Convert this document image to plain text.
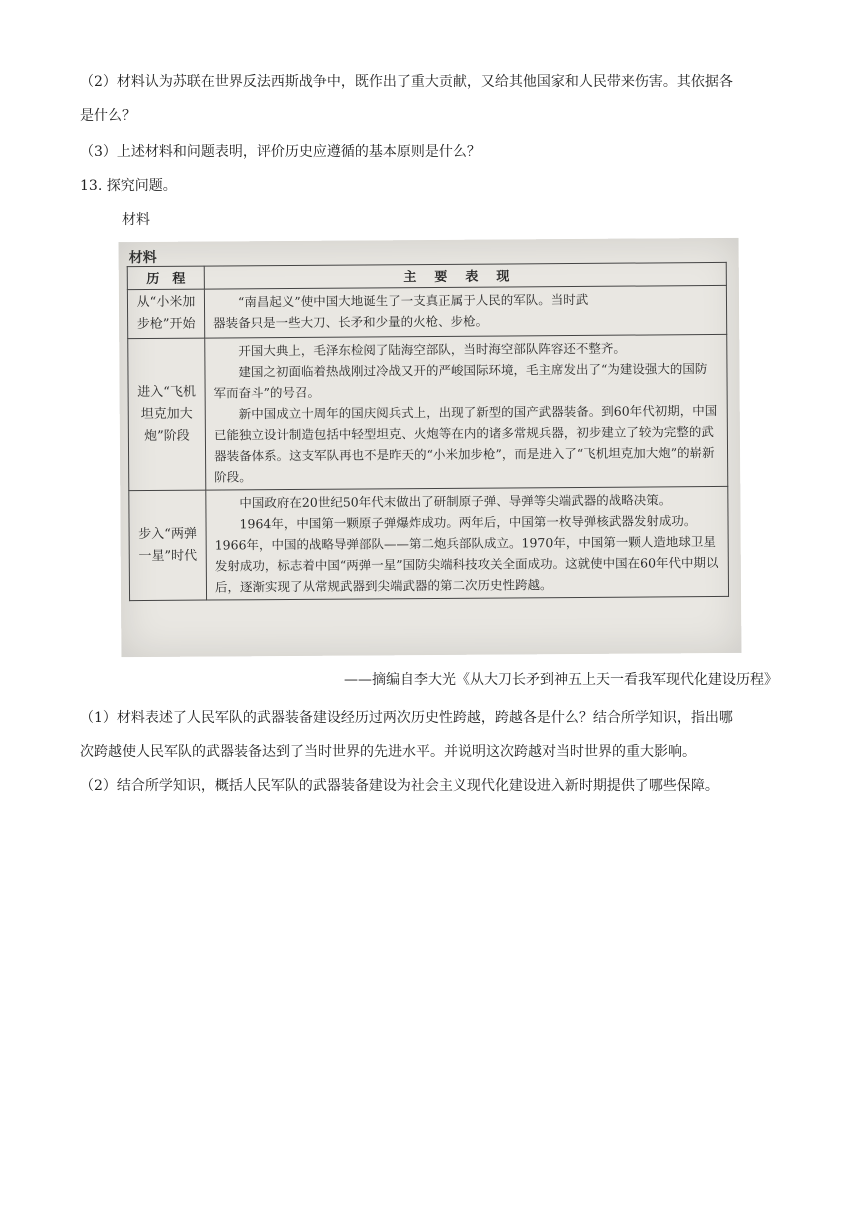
（2）材料认为苏联在世界反法西斯战争中，既作出了重大贡献，又给其他国家和人民带来伤害。其依据各
是什么？
（3）上述材料和问题表明，评价历史应遵循的基本原则是什么？
13. 探究问题。
材料
材料
历　程	主要表现
从“小米加步枪”开始	“南昌起义”使中国大地诞生了一支真正属于人民的军队。当时武

器装备只是一些大刀、长矛和少量的火枪、步枪。

进入“飞机坦克加大炮”阶段	开国大典上，毛泽东检阅了陆海空部队，当时海空部队阵容还不整齐。

建国之初面临着热战刚过冷战又开的严峻国际环境，毛主席发出了“为建设强大的国防军而奋斗”的号召。

新中国成立十周年的国庆阅兵式上，出现了新型的国产武器装备。到60年代初期，中国已能独立设计制造包括中轻型坦克、火炮等在内的诸多常规兵器，初步建立了较为完整的武器装备体系。这支军队再也不是昨天的“小米加步枪”，而是进入了“飞机坦克加大炮”的崭新阶段。

步入“两弹一星”时代	中国政府在20世纪50年代末做出了研制原子弹、导弹等尖端武器的战略决策。

1964年，中国第一颗原子弹爆炸成功。两年后，中国第一枚导弹核武器发射成功。1966年，中国的战略导弹部队——第二炮兵部队成立。1970年，中国第一颗人造地球卫星发射成功，标志着中国“两弹一星”国防尖端科技攻关全面成功。这就使中国在60年代中期以后，逐渐实现了从常规武器到尖端武器的第二次历史性跨越。

——摘编自李大光《从大刀长矛到神五上天一看我军现代化建设历程》
（1）材料表述了人民军队的武器装备建设经历过两次历史性跨越，跨越各是什么？结合所学知识，指出哪
次跨越使人民军队的武器装备达到了当时世界的先进水平。并说明这次跨越对当时世界的重大影响。
（2）结合所学知识，概括人民军队的武器装备建设为社会主义现代化建设进入新时期提供了哪些保障。
